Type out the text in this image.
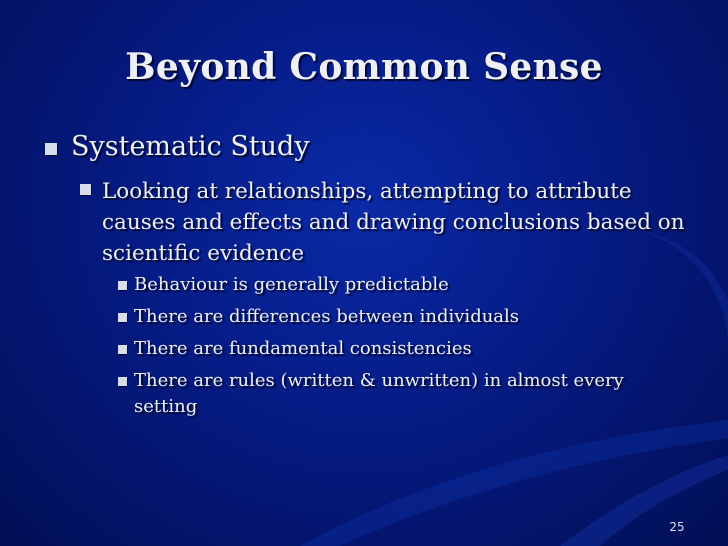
Beyond Common Sense
Systematic Study
Looking at relationships, attempting to attribute causes and effects and drawing conclusions based on scientific evidence
Behaviour is generally predictable
There are differences between individuals
There are fundamental consistencies
There are rules (written & unwritten) in almost every setting
25
